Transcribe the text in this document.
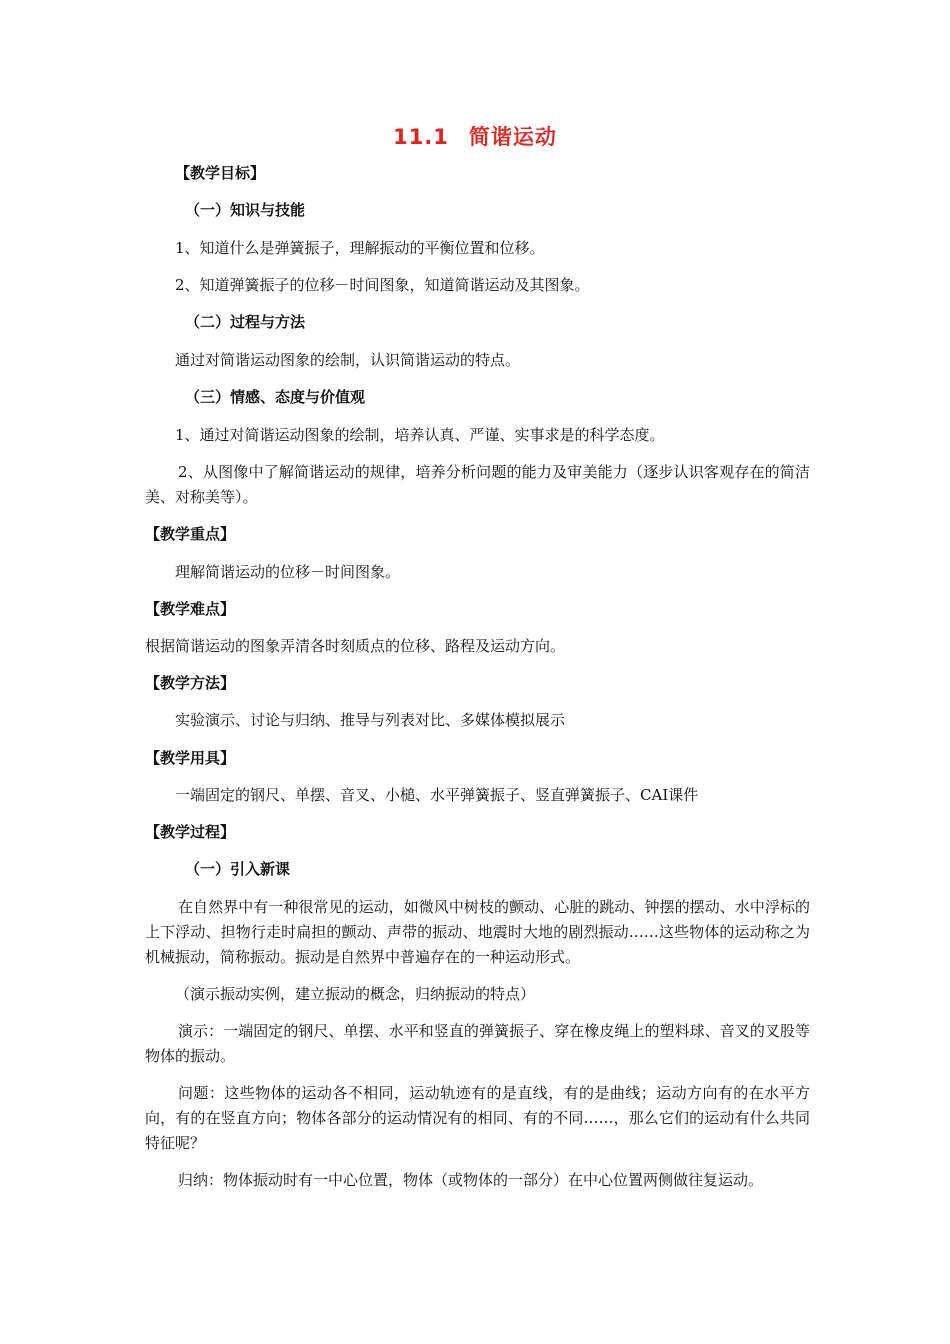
11.1 简谐运动
【教学目标】
（一）知识与技能
1、知道什么是弹簧振子，理解振动的平衡位置和位移。
2、知道弹簧振子的位移－时间图象，知道简谐运动及其图象。
（二）过程与方法
通过对简谐运动图象的绘制，认识简谐运动的特点。
（三）情感、态度与价值观
1、通过对简谐运动图象的绘制，培养认真、严谨、实事求是的科学态度。
2、从图像中了解简谐运动的规律，培养分析问题的能力及审美能力（逐步认识客观存在的简洁美、对称美等）。
【教学重点】
理解简谐运动的位移－时间图象。
【教学难点】
根据简谐运动的图象弄清各时刻质点的位移、路程及运动方向。
【教学方法】
实验演示、讨论与归纳、推导与列表对比、多媒体模拟展示
【教学用具】
一端固定的钢尺、单摆、音叉、小槌、水平弹簧振子、竖直弹簧振子、CAI课件
【教学过程】
（一）引入新课
在自然界中有一种很常见的运动，如微风中树枝的颤动、心脏的跳动、钟摆的摆动、水中浮标的上下浮动、担物行走时扁担的颤动、声带的振动、地震时大地的剧烈振动……这些物体的运动称之为机械振动，简称振动。振动是自然界中普遍存在的一种运动形式。
（演示振动实例，建立振动的概念，归纳振动的特点）
演示：一端固定的钢尺、单摆、水平和竖直的弹簧振子、穿在橡皮绳上的塑料球、音叉的叉股等物体的振动。
问题：这些物体的运动各不相同，运动轨迹有的是直线，有的是曲线；运动方向有的在水平方向，有的在竖直方向；物体各部分的运动情况有的相同、有的不同……，那么它们的运动有什么共同特征呢？
归纳：物体振动时有一中心位置，物体（或物体的一部分）在中心位置两侧做往复运动。
